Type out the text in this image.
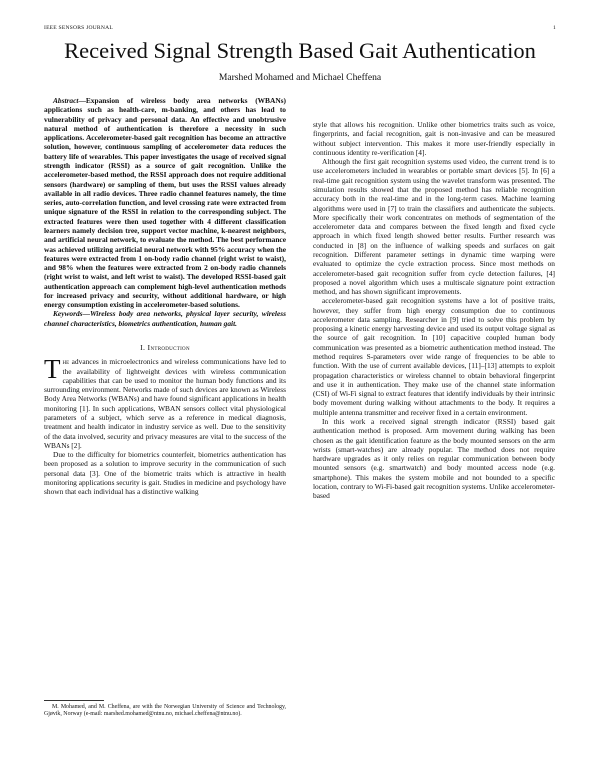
IEEE SENSORS JOURNAL	1
Received Signal Strength Based Gait Authentication
Marshed Mohamed and Michael Cheffena

Abstract—Expansion of wireless body area networks (WBANs) applications such as health-care, m-banking, and others has lead to vulnerability of privacy and personal data. An effective and unobtrusive natural method of authentication is therefore a necessity in such applications. Accelerometer-based gait recognition has become an attractive solution, however, continuous sampling of accelerometer data reduces the battery life of wearables. This paper investigates the usage of received signal strength indicator (RSSI) as a source of gait recognition. Unlike the accelerometer-based method, the RSSI approach does not require additional sensors (hardware) or sampling of them, but uses the RSSI values already available in all radio devices. Three radio channel features namely, the time series, auto-correlation function, and level crossing rate were extracted from unique signature of the RSSI in relation to the corresponding subject. The extracted features were then used together with 4 different classification learners namely decision tree, support vector machine, k-nearest neighbors, and artificial neural network, to evaluate the method. The best performance was achieved utilizing artificial neural network with 95% accuracy when the features were extracted from 1 on-body radio channel (right wrist to waist), and 98% when the features were extracted from 2 on-body radio channels (right wrist to waist, and left wrist to waist). The developed RSSI-based gait authentication approach can complement high-level authentication methods for increased privacy and security, without additional hardware, or high energy consumption existing in accelerometer-based solutions.

Keywords—Wireless body area networks, physical layer security, wireless channel characteristics, biometrics authentication, human gait.

I. Introduction

The advances in microelectronics and wireless communications have led to the availability of lightweight devices with wireless communication capabilities that can be used to monitor the human body functions and its surrounding environment. Networks made of such devices are known as Wireless Body Area Networks (WBANs) and have found significant applications in health monitoring [1]. In such applications, WBAN sensors collect vital physiological parameters of a subject, which serve as a reference in medical diagnosis, treatment and health indicator in industry service as well. Due to the sensitivity of the data involved, security and privacy measures are vital to the success of the WBANs [2].

Due to the difficulty for biometrics counterfeit, biometrics authentication has been proposed as a solution to improve security in the communication of such personal data [3]. One of the biometric traits which is attractive in health monitoring applications security is gait. Studies in medicine and psychology have shown that each individual has a distinctive walking

M. Mohamed, and M. Cheffena, are with the Norwegian University of Science and Technology, Gjøvik, Norway (e-mail: marshed.mohamed@ntnu.no, michael.cheffena@ntnu.no).

style that allows his recognition. Unlike other biometrics traits such as voice, fingerprints, and facial recognition, gait is non-invasive and can be measured without subject intervention. This makes it more user-friendly especially in continuous identity re-verification [4].

Although the first gait recognition systems used video, the current trend is to use accelerometers included in wearables or portable smart devices [5]. In [6] a real-time gait recognition system using the wavelet transform was presented. The simulation results showed that the proposed method has reliable recognition accuracy both in the real-time and in the long-term cases. Machine learning algorithms were used in [7] to train the classifiers and authenticate the subjects. More specifically their work concentrates on methods of segmentation of the accelerometer data and compares between the fixed length and fixed cycle approach in which fixed length showed better results. Further research was conducted in [8] on the influence of walking speeds and surfaces on gait recognition. Different parameter settings in dynamic time warping were evaluated to optimize the cycle extraction process. Since most methods on accelerometer-based gait recognition suffer from cycle detection failures, [4] proposed a novel algorithm which uses a multiscale signature point extraction method, and has shown significant improvements.

accelerometer-based gait recognition systems have a lot of positive traits, however, they suffer from high energy consumption due to continuous accelerometer data sampling. Researcher in [9] tried to solve this problem by proposing a kinetic energy harvesting device and used its output voltage signal as the source of gait recognition. In [10] capacitive coupled human body communication was presented as a biometric authentication method instead. The method requires S-parameters over wide range of frequencies to be able to function. With the use of current available devices, [11]–[13] attempts to exploit propagation characteristics or wireless channel to obtain behavioral fingerprint and use it in authentication. They make use of the channel state information (CSI) of Wi-Fi signal to extract features that identify individuals by their intrinsic body movement during walking without attachments to the body. It requires a multiple antenna transmitter and receiver fixed in a certain environment.

In this work a received signal strength indicator (RSSI) based gait authentication method is proposed. Arm movement during walking has been chosen as the gait identification feature as the body mounted sensors on the arm wrists (smart-watches) are already popular. The method does not require hardware upgrades as it only relies on regular communication between body mounted sensors (e.g. smartwatch) and body mounted access node (e.g. smartphone). This makes the system mobile and not bounded to a specific location, contrary to Wi-Fi-based gait recognition systems. Unlike accelerometer-based
